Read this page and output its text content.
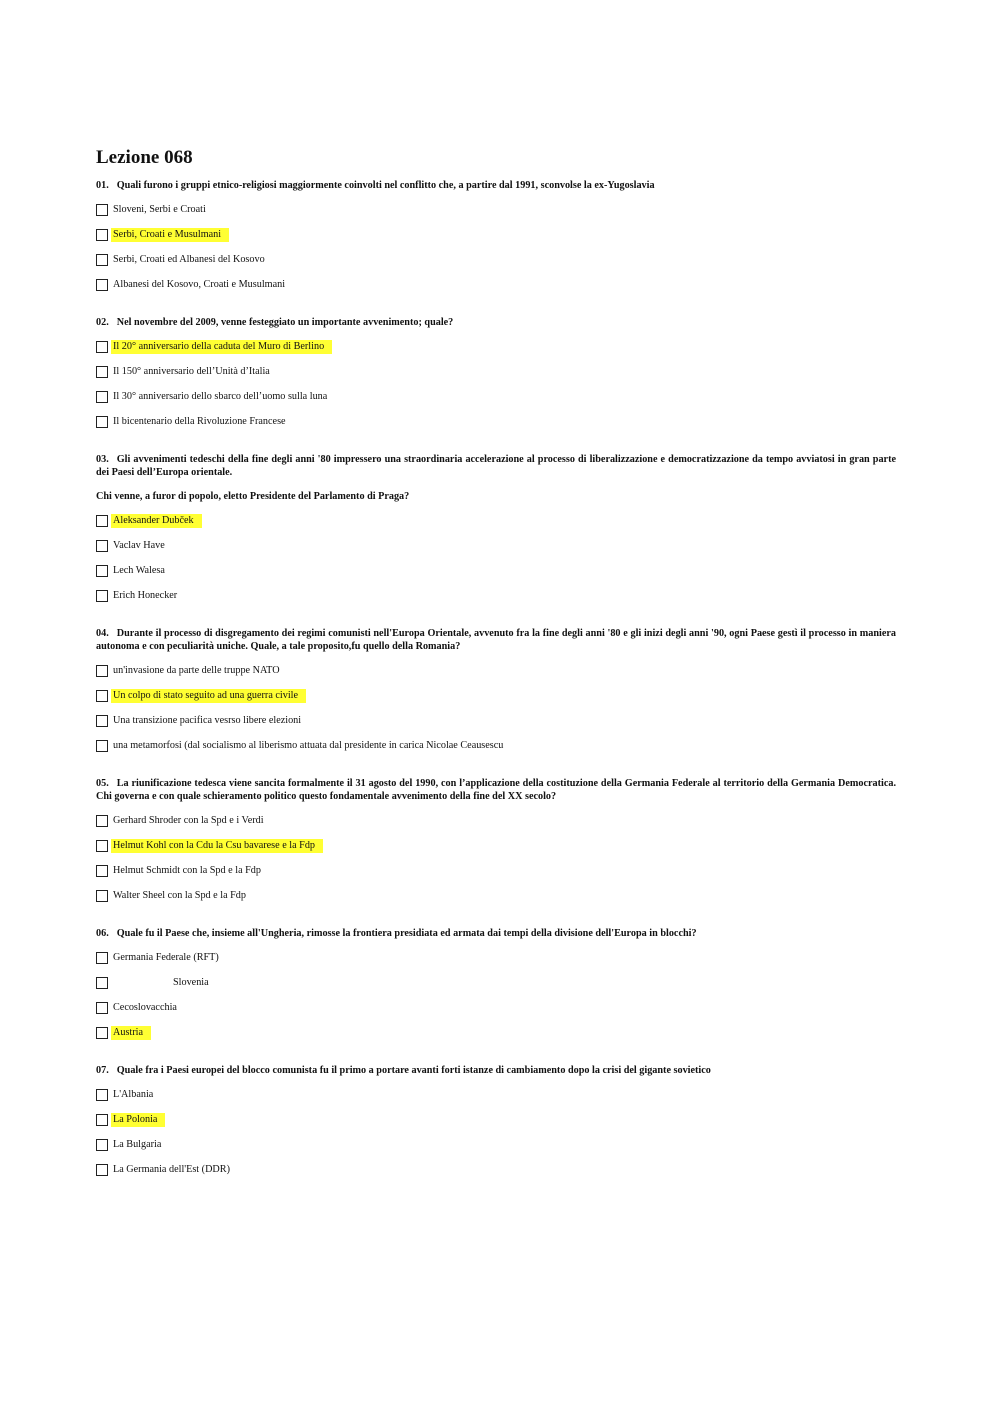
Lezione 068

01. Quali furono i gruppi etnico-religiosi maggiormente coinvolti nel conflitto che, a partire dal 1991, sconvolse la ex-Yugoslavia

Sloveni, Serbi e Croati
Serbi, Croati e Musulmani
Serbi, Croati ed Albanesi del Kosovo
Albanesi del Kosovo, Croati e Musulmani

02. Nel novembre del 2009, venne festeggiato un importante avvenimento; quale?

Il 20° anniversario della caduta del Muro di Berlino
Il 150° anniversario dell’Unità d’Italia
Il 30° anniversario dello sbarco dell’uomo sulla luna
Il bicentenario della Rivoluzione Francese

03. Gli avvenimenti tedeschi della fine degli anni '80 impressero una straordinaria accelerazione al processo di liberalizzazione e democratizzazione da tempo avviatosi in gran parte dei Paesi dell’Europa orientale.

Chi venne, a furor di popolo, eletto Presidente del Parlamento di Praga?

Aleksander Dubček
Vaclav Have
Lech Walesa
Erich Honecker

04. Durante il processo di disgregamento dei regimi comunisti nell'Europa Orientale, avvenuto fra la fine degli anni '80 e gli inizi degli anni '90, ogni Paese gestì il processo in maniera autonoma e con peculiarità uniche. Quale, a tale proposito,fu quello della Romania?

un'invasione da parte delle truppe NATO
Un colpo di stato seguito ad una guerra civile
Una transizione pacifica vesrso libere elezioni
una metamorfosi (dal socialismo al liberismo attuata dal presidente in carica Nicolae Ceausescu

05. La riunificazione tedesca viene sancita formalmente il 31 agosto del 1990, con l’applicazione della costituzione della Germania Federale al territorio della Germania Democratica. Chi governa e con quale schieramento politico questo fondamentale avvenimento della fine del XX secolo?

Gerhard Shroder con la Spd e i Verdi
Helmut Kohl con la Cdu la Csu bavarese e la Fdp
Helmut Schmidt con la Spd e la Fdp
Walter Sheel con la Spd e la Fdp

06. Quale fu il Paese che, insieme all'Ungheria, rimosse la frontiera presidiata ed armata dai tempi della divisione dell'Europa in blocchi?

Germania Federale (RFT)
Slovenia
Cecoslovacchia
Austria

07. Quale fra i Paesi europei del blocco comunista fu il primo a portare avanti forti istanze di cambiamento dopo la crisi del gigante sovietico

L'Albania
La Polonia
La Bulgaria
La Germania dell'Est (DDR)
